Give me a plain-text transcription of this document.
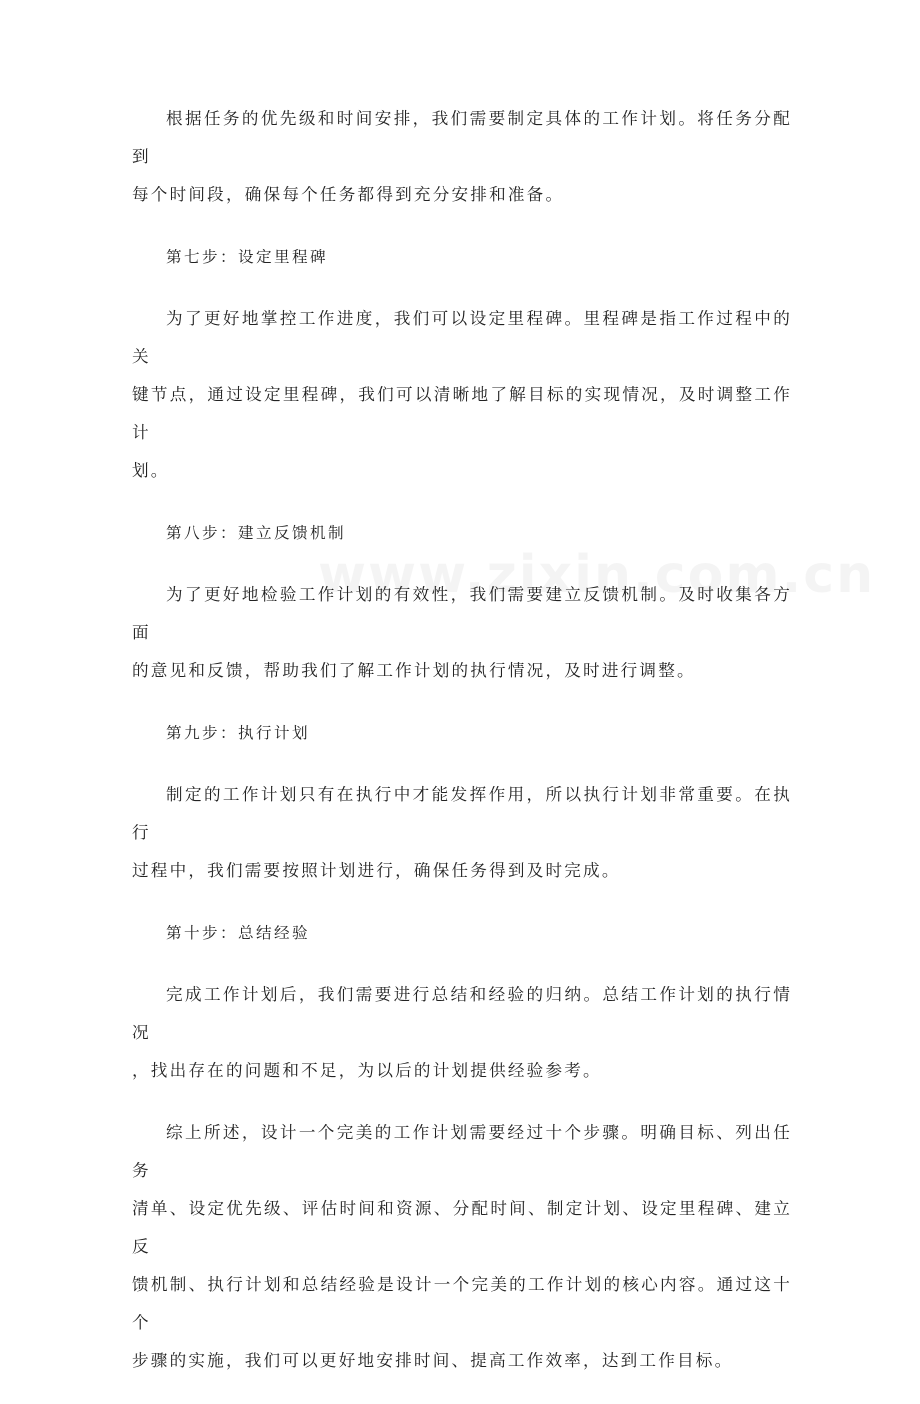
根据任务的优先级和时间安排，我们需要制定具体的工作计划。将任务分配到
每个时间段，确保每个任务都得到充分安排和准备。

第七步：设定里程碑

为了更好地掌控工作进度，我们可以设定里程碑。里程碑是指工作过程中的关
键节点，通过设定里程碑，我们可以清晰地了解目标的实现情况，及时调整工作计
划。

第八步：建立反馈机制

为了更好地检验工作计划的有效性，我们需要建立反馈机制。及时收集各方面
的意见和反馈，帮助我们了解工作计划的执行情况，及时进行调整。

第九步：执行计划

制定的工作计划只有在执行中才能发挥作用，所以执行计划非常重要。在执行
过程中，我们需要按照计划进行，确保任务得到及时完成。

第十步：总结经验

完成工作计划后，我们需要进行总结和经验的归纳。总结工作计划的执行情况
，找出存在的问题和不足，为以后的计划提供经验参考。

综上所述，设计一个完美的工作计划需要经过十个步骤。明确目标、列出任务
清单、设定优先级、评估时间和资源、分配时间、制定计划、设定里程碑、建立反
馈机制、执行计划和总结经验是设计一个完美的工作计划的核心内容。通过这十个
步骤的实施，我们可以更好地安排时间、提高工作效率，达到工作目标。
